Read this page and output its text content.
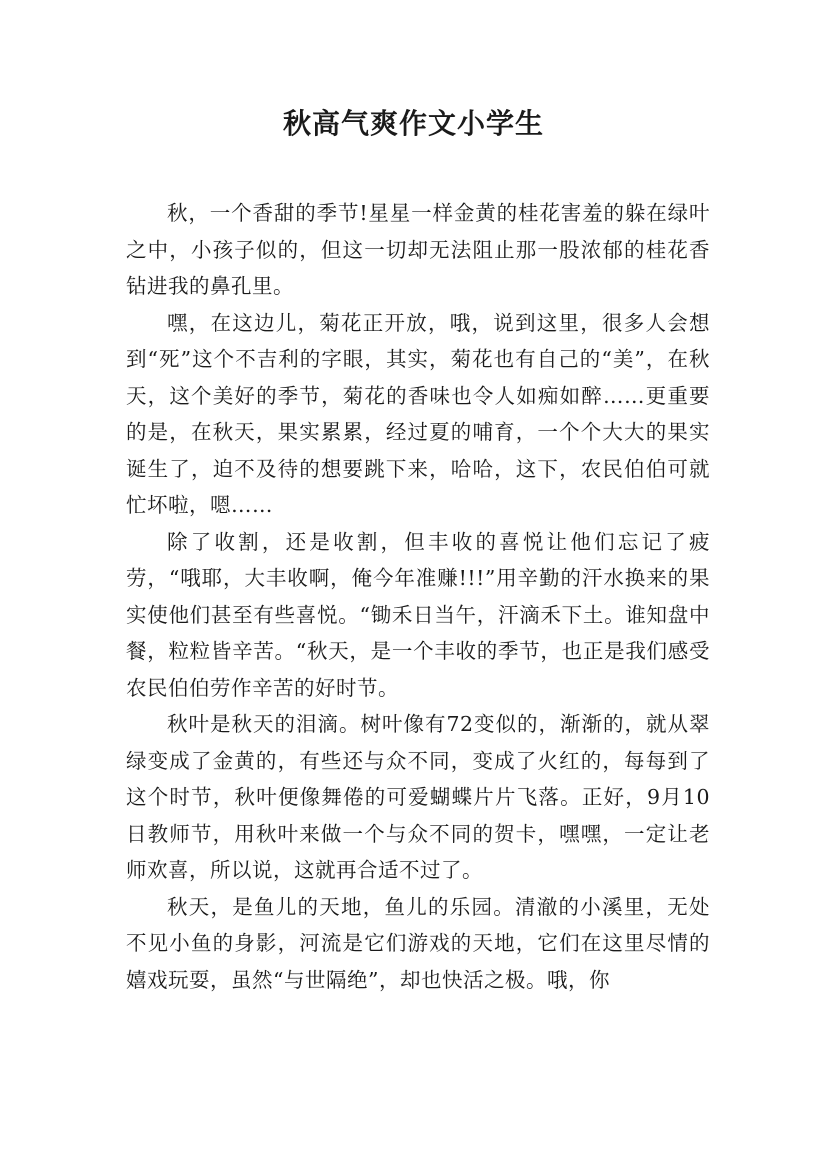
秋高气爽作文小学生

秋，一个香甜的季节!星星一样金黄的桂花害羞的躲在绿叶之中，小孩子似的，但这一切却无法阻止那一股浓郁的桂花香钻进我的鼻孔里。

嘿，在这边儿，菊花正开放，哦，说到这里，很多人会想到“死”这个不吉利的字眼，其实，菊花也有自己的“美”，在秋天，这个美好的季节，菊花的香味也令人如痴如醉……更重要的是，在秋天，果实累累，经过夏的哺育，一个个大大的果实诞生了，迫不及待的想要跳下来，哈哈，这下，农民伯伯可就忙坏啦，嗯……

除了收割，还是收割，但丰收的喜悦让他们忘记了疲劳，“哦耶，大丰收啊，俺今年准赚!!!”用辛勤的汗水换来的果实使他们甚至有些喜悦。“锄禾日当午，汗滴禾下土。谁知盘中餐，粒粒皆辛苦。“秋天，是一个丰收的季节，也正是我们感受农民伯伯劳作辛苦的好时节。

秋叶是秋天的泪滴。树叶像有72变似的，渐渐的，就从翠绿变成了金黄的，有些还与众不同，变成了火红的，每每到了这个时节，秋叶便像舞倦的可爱蝴蝶片片飞落。正好，9月10日教师节，用秋叶来做一个与众不同的贺卡，嘿嘿，一定让老师欢喜，所以说，这就再合适不过了。

秋天，是鱼儿的天地，鱼儿的乐园。清澈的小溪里，无处不见小鱼的身影，河流是它们游戏的天地，它们在这里尽情的嬉戏玩耍，虽然“与世隔绝”，却也快活之极。哦，你
